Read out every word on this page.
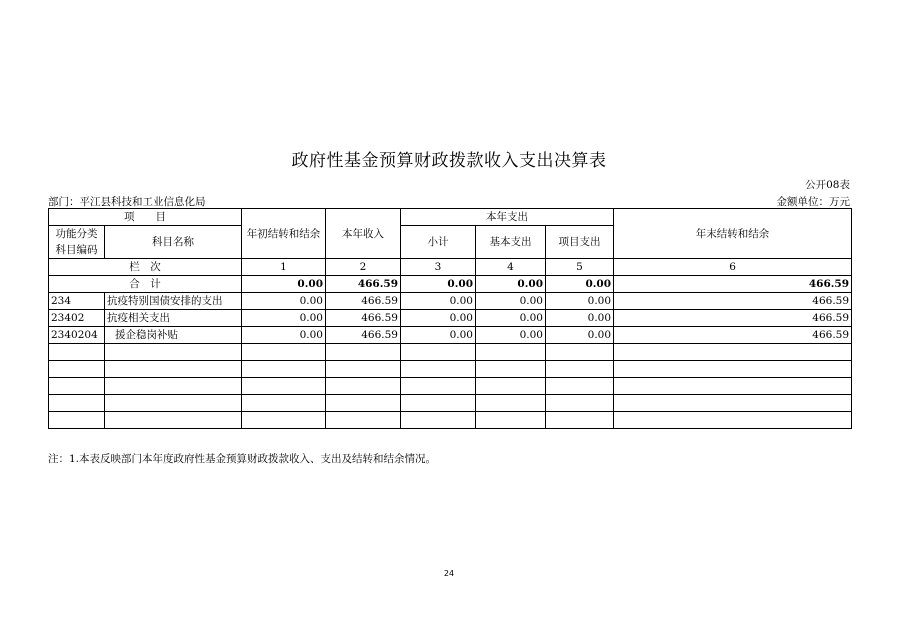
政府性基金预算财政拨款收入支出决算表
公开08表
部门：平江县科技和工业信息化局	金额单位：万元
项　　目		年初结转和结余	本年收入	本年支出			年末结转和结余
功能分类
科目编码	科目名称			小计	基本支出	项目支出	
栏　次		1	2	3	4	5	6
合　计		0.00	466.59	0.00	0.00	0.00	466.59
234	抗疫特别国债安排的支出	0.00	466.59	0.00	0.00	0.00	466.59
23402	抗疫相关支出	0.00	466.59	0.00	0.00	0.00	466.59
2340204	援企稳岗补贴	0.00	466.59	0.00	0.00	0.00	466.59

注：1.本表反映部门本年度政府性基金预算财政拨款收入、支出及结转和结余情况。
24
